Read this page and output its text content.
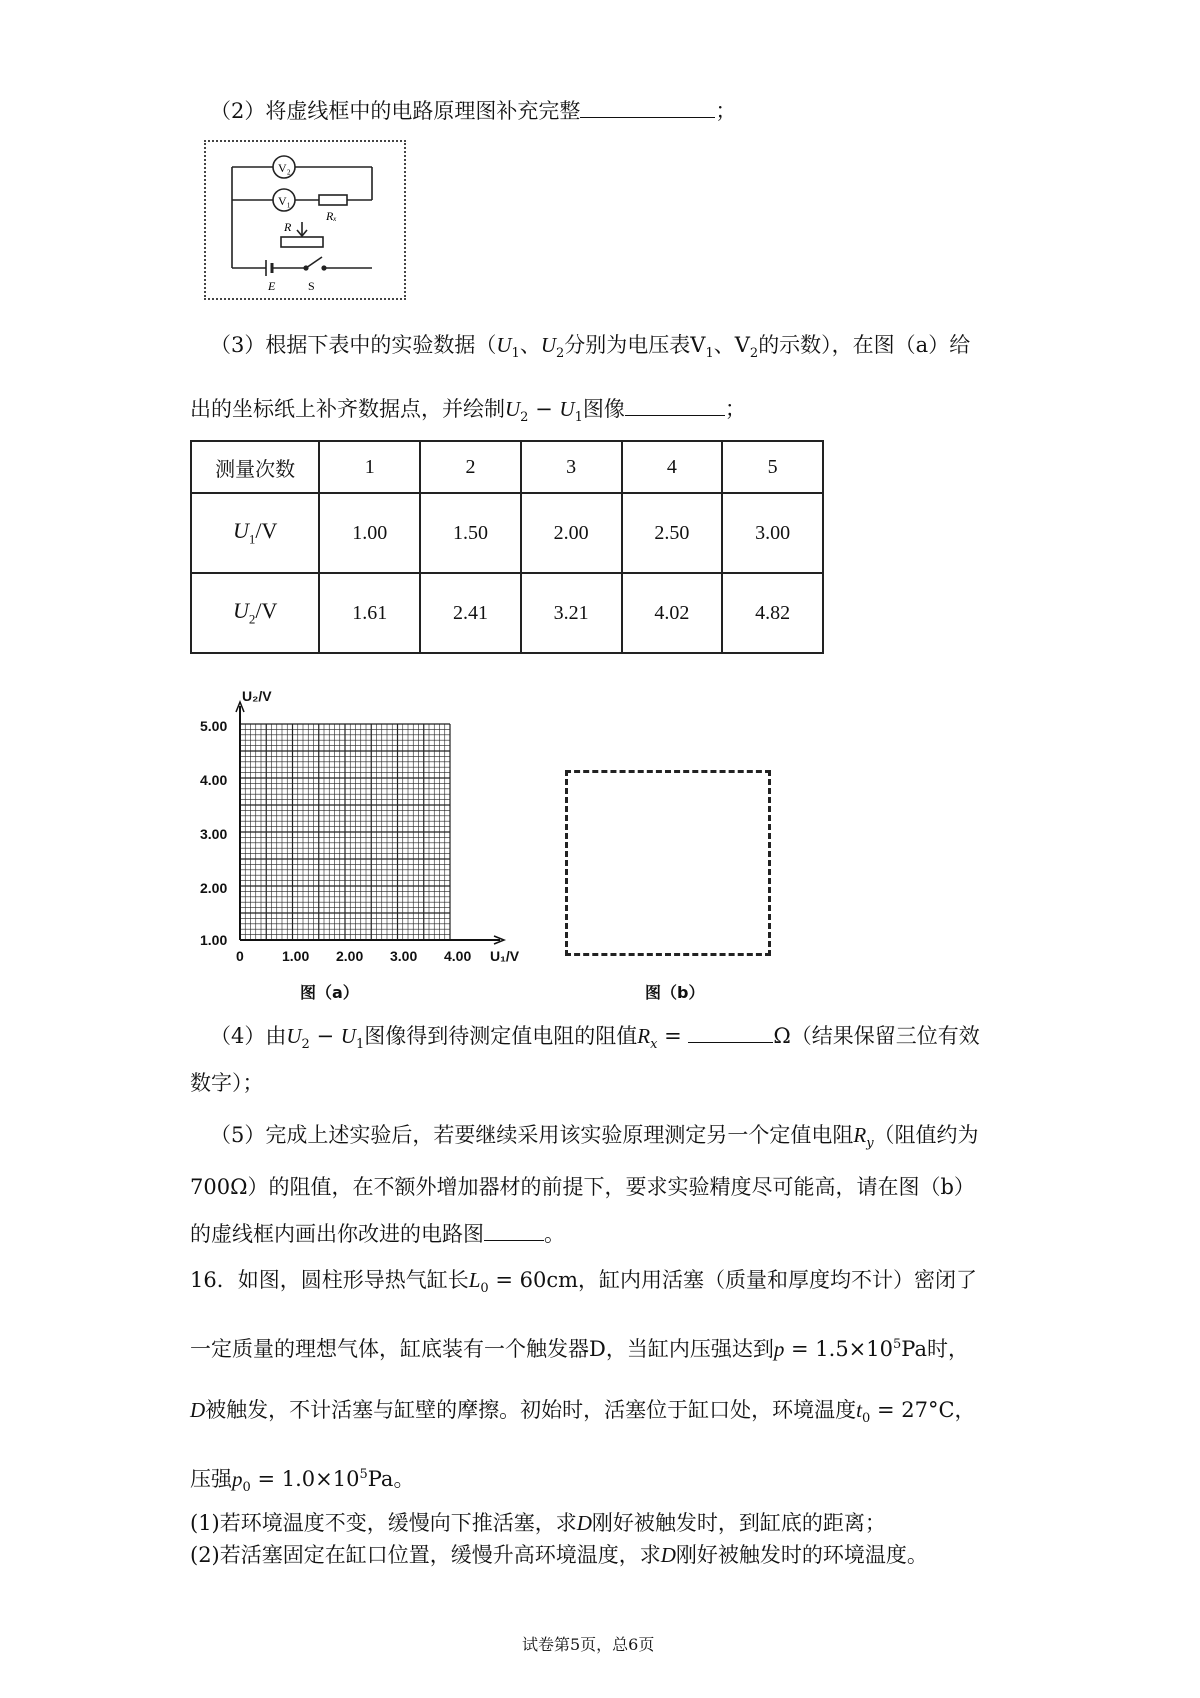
（2）将虚线框中的电路原理图补充完整	；
V₂
V₁
Rₓ
R
E	S
（3）根据下表中的实验数据（$U_1$、$U_2$分别为电压表$V_1$、$V_2$的示数），在图（a）给
出的坐标纸上补齐数据点，并绘制$U_2 - U_1$图像	；
测量次数	1	2	3	4	5
$U_1/V$	1.00	1.50	2.00	2.50	3.00
$U_2/V$	1.61	2.41	3.21	4.02	4.82
U₂/V
5.00
4.00
3.00
2.00
1.00
0	1.00 2.00 3.00 4.00 U₁/V
图（a）	图（b）
（4）由$U_2 - U_1$图像得到待测定值电阻的阻值$R_x$ =	Ω（结果保留三位有效
数字）；
（5）完成上述实验后，若要继续采用该实验原理测定另一个定值电阻$R_y$（阻值约为
700Ω）的阻值，在不额外增加器材的前提下，要求实验精度尽可能高，请在图（b）
的虚线框内画出你改进的电路图	。
16．如图，圆柱形导热气缸长$L_0 = 60cm$，缸内用活塞（质量和厚度均不计）密闭了
一定质量的理想气体，缸底装有一个触发器D，当缸内压强达到$p = 1.5\times 10^5Pa$时，
D被触发，不计活塞与缸壁的摩擦。初始时，活塞位于缸口处，环境温度$t_0 = 27^\circ C$，
压强$p_0 = 1.0\times 10^5Pa$。
(1)若环境温度不变，缓慢向下推活塞，求D刚好被触发时，到缸底的距离；
(2)若活塞固定在缸口位置，缓慢升高环境温度，求D刚好被触发时的环境温度。
试卷第5页，总6页
